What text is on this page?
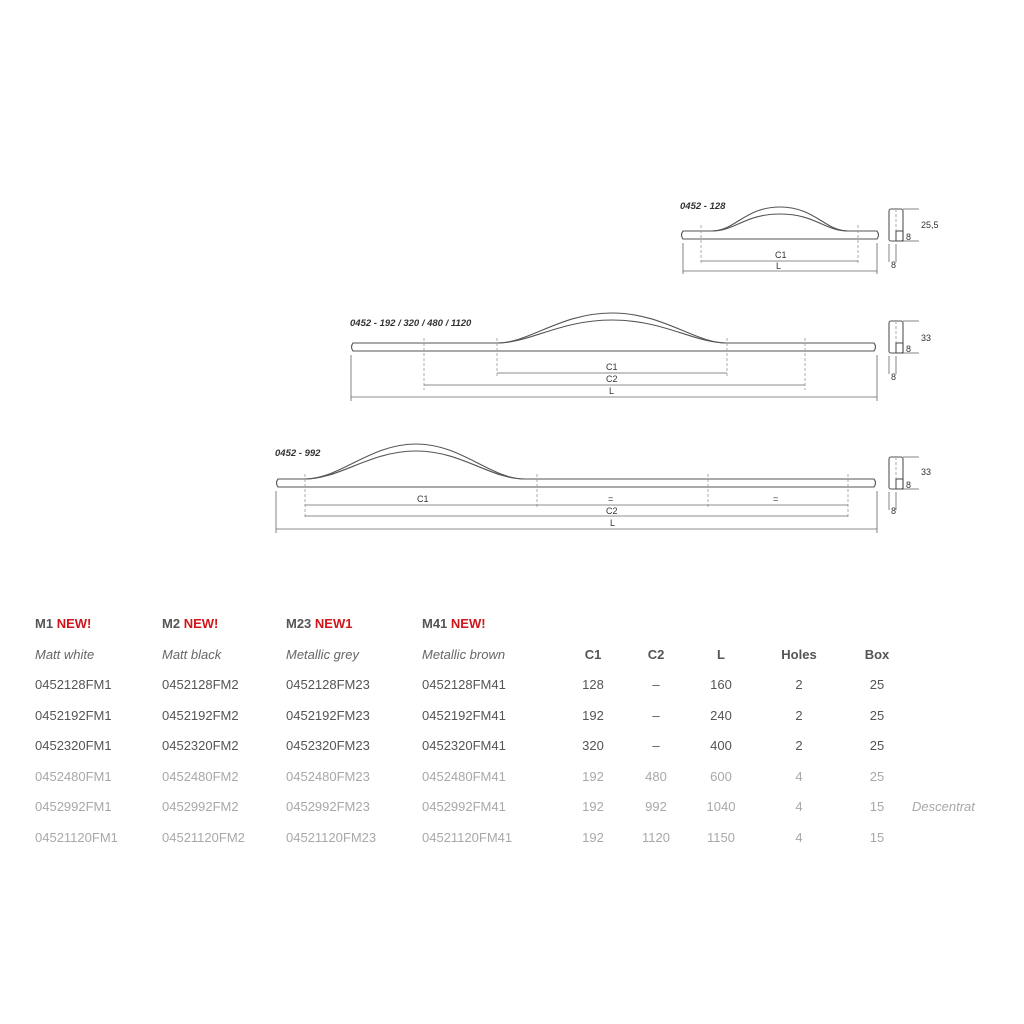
0452 - 128
C1
L
25,5
8
8
0452 - 192 / 320 / 480 / 1120
C1
C2
L
33
8
8
0452 - 992
C1	=	=
C2
L
33
8
8
M1 NEW!	M2 NEW!	M23 NEW1	M41 NEW!
Matt white	Matt black	Metallic grey	Metallic brown	C1	C2	L	Holes	Box
0452128FM1	0452128FM2	0452128FM23	0452128FM41	128	–	160	2	25
0452192FM1	0452192FM2	0452192FM23	0452192FM41	192	–	240	2	25
0452320FM1	0452320FM2	0452320FM23	0452320FM41	320	–	400	2	25
0452480FM1	0452480FM2	0452480FM23	0452480FM41	192	480	600	4	25
0452992FM1	0452992FM2	0452992FM23	0452992FM41	192	992	1040	4	15	Descentrat
04521120FM1	04521120FM2	04521120FM23	04521120FM41	192	1120	1150	4	15
